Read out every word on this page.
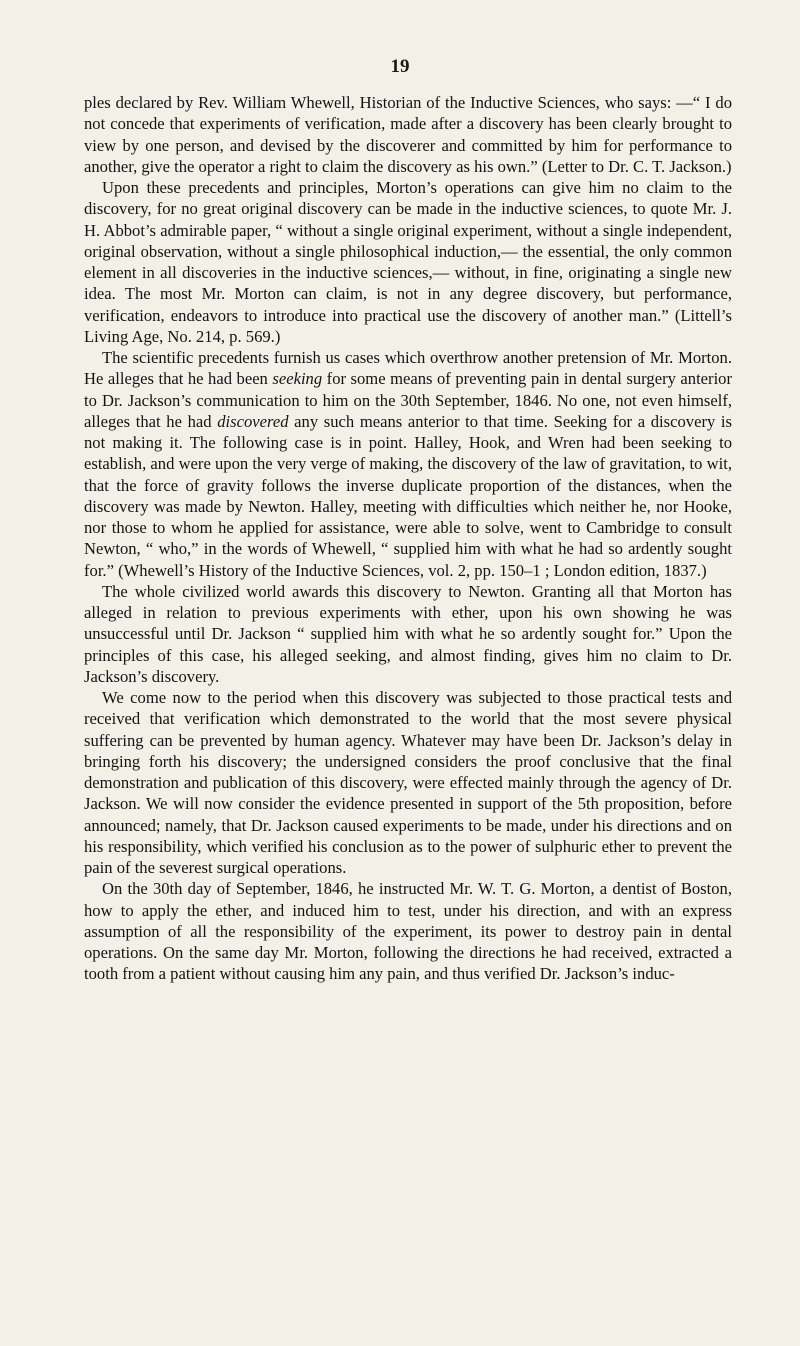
19

ples declared by Rev. William Whewell, Historian of the Inductive Sciences, who says: —“ I do not concede that experiments of verification, made after a discovery has been clearly brought to view by one person, and devised by the discoverer and committed by him for performance to another, give the operator a right to claim the discovery as his own.” (Letter to Dr. C. T. Jackson.)

Upon these precedents and principles, Morton’s operations can give him no claim to the discovery, for no great original discovery can be made in the inductive sciences, to quote Mr. J. H. Abbot’s admirable paper, “ without a single original experiment, without a single independent, original observation, without a single philosophical induction,— the essential, the only common element in all discoveries in the inductive sciences,— without, in fine, originating a single new idea. The most Mr. Morton can claim, is not in any degree discovery, but performance, verification, endeavors to introduce into practical use the discovery of another man.” (Littell’s Living Age, No. 214, p. 569.)

The scientific precedents furnish us cases which overthrow another pretension of Mr. Morton. He alleges that he had been seeking for some means of preventing pain in dental surgery anterior to Dr. Jackson’s communication to him on the 30th September, 1846. No one, not even himself, alleges that he had discovered any such means anterior to that time. Seeking for a discovery is not making it. The following case is in point. Halley, Hook, and Wren had been seeking to establish, and were upon the very verge of making, the discovery of the law of gravitation, to wit, that the force of gravity follows the inverse duplicate proportion of the distances, when the discovery was made by Newton. Halley, meeting with difficulties which neither he, nor Hooke, nor those to whom he applied for assistance, were able to solve, went to Cambridge to consult Newton, “ who,” in the words of Whewell, “ supplied him with what he had so ardently sought for.” (Whewell’s History of the Inductive Sciences, vol. 2, pp. 150–1 ; London edition, 1837.)

The whole civilized world awards this discovery to Newton. Granting all that Morton has alleged in relation to previous experiments with ether, upon his own showing he was unsuccessful until Dr. Jackson “ supplied him with what he so ardently sought for.” Upon the principles of this case, his alleged seeking, and almost finding, gives him no claim to Dr. Jackson’s discovery.

We come now to the period when this discovery was subjected to those practical tests and received that verification which demonstrated to the world that the most severe physical suffering can be prevented by human agency. Whatever may have been Dr. Jackson’s delay in bringing forth his discovery; the undersigned considers the proof conclusive that the final demonstration and publication of this discovery, were effected mainly through the agency of Dr. Jackson. We will now consider the evidence presented in support of the 5th proposition, before announced; namely, that Dr. Jackson caused experiments to be made, under his directions and on his responsibility, which verified his conclusion as to the power of sulphuric ether to prevent the pain of the severest surgical operations.

On the 30th day of September, 1846, he instructed Mr. W. T. G. Morton, a dentist of Boston, how to apply the ether, and induced him to test, under his direction, and with an express assumption of all the responsibility of the experiment, its power to destroy pain in dental operations. On the same day Mr. Morton, following the directions he had received, extracted a tooth from a patient without causing him any pain, and thus verified Dr. Jackson’s induc-
